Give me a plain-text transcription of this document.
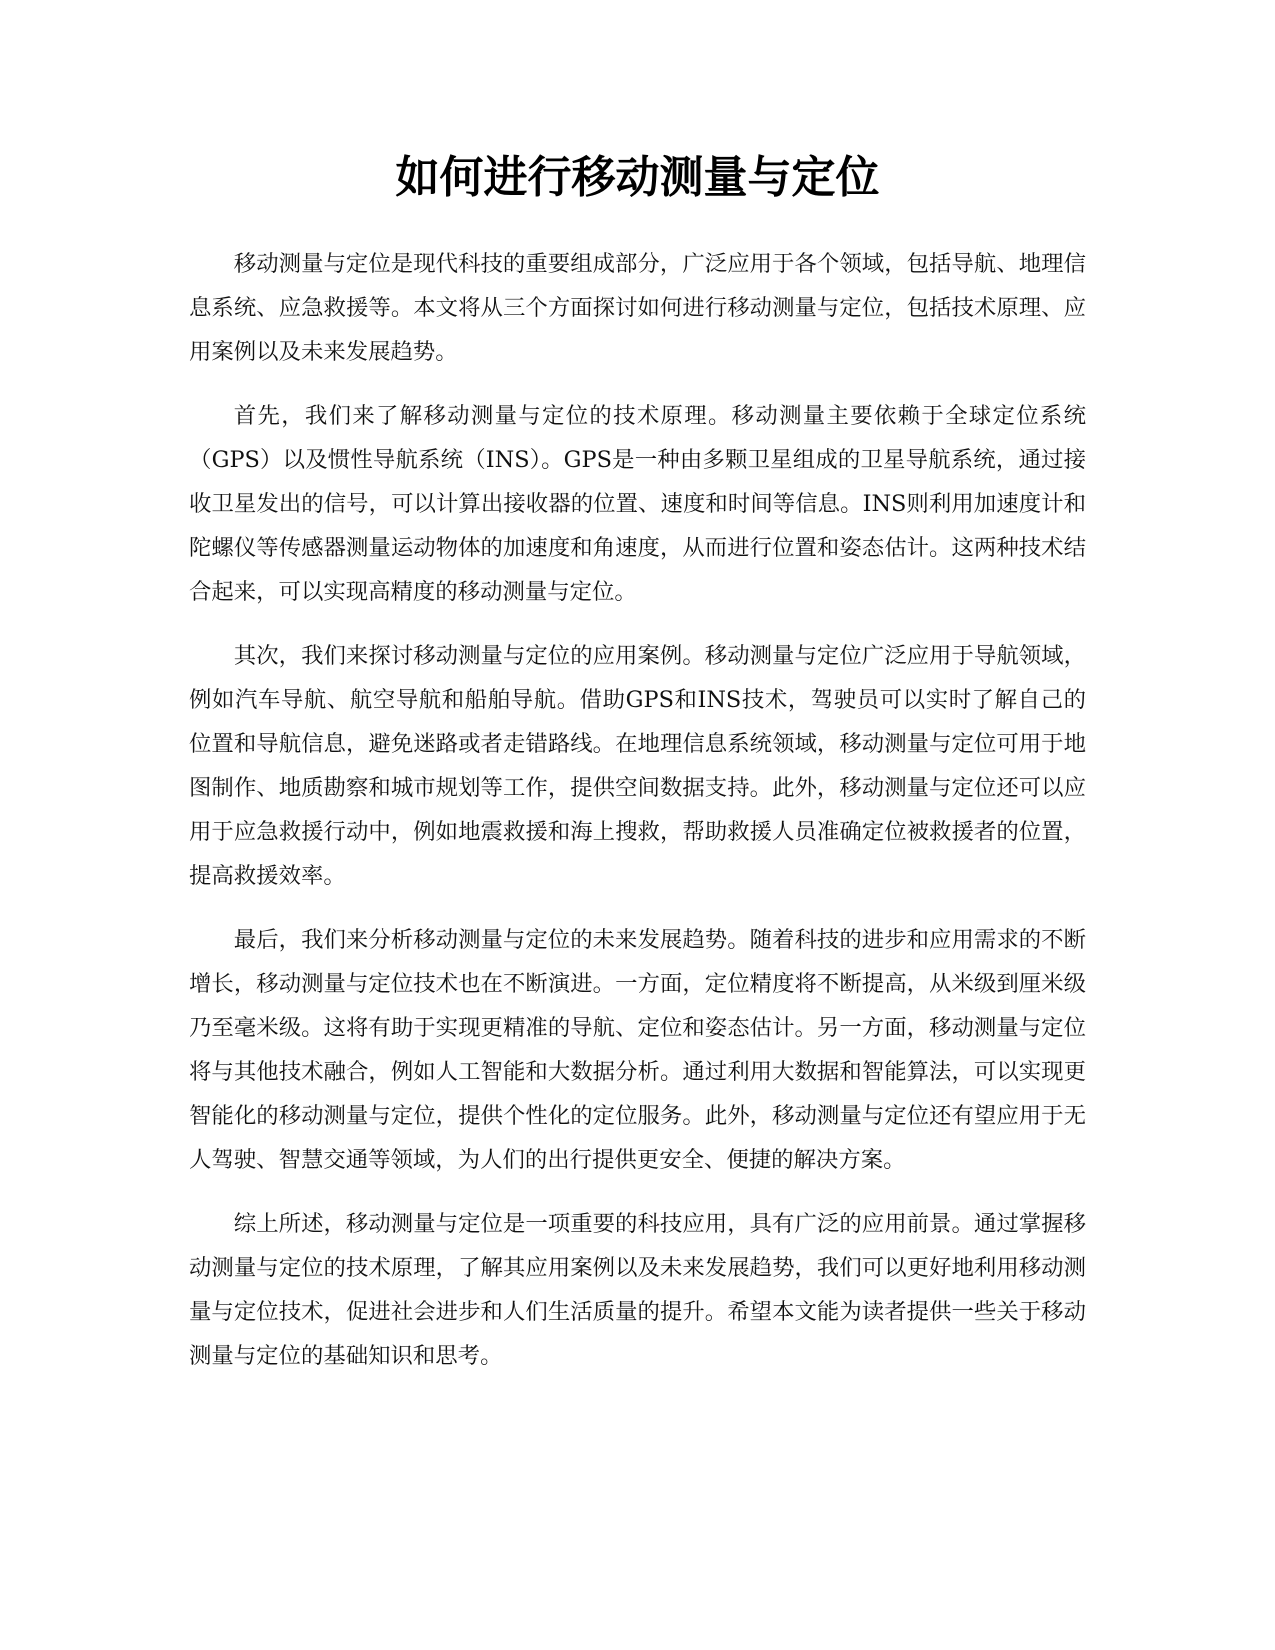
如何进行移动测量与定位

移动测量与定位是现代科技的重要组成部分，广泛应用于各个领域，包括导航、地理信息系统、应急救援等。本文将从三个方面探讨如何进行移动测量与定位，包括技术原理、应用案例以及未来发展趋势。

首先，我们来了解移动测量与定位的技术原理。移动测量主要依赖于全球定位系统（GPS）以及惯性导航系统（INS）。GPS是一种由多颗卫星组成的卫星导航系统，通过接收卫星发出的信号，可以计算出接收器的位置、速度和时间等信息。INS则利用加速度计和陀螺仪等传感器测量运动物体的加速度和角速度，从而进行位置和姿态估计。这两种技术结合起来，可以实现高精度的移动测量与定位。

其次，我们来探讨移动测量与定位的应用案例。移动测量与定位广泛应用于导航领域，例如汽车导航、航空导航和船舶导航。借助GPS和INS技术，驾驶员可以实时了解自己的位置和导航信息，避免迷路或者走错路线。在地理信息系统领域，移动测量与定位可用于地图制作、地质勘察和城市规划等工作，提供空间数据支持。此外，移动测量与定位还可以应用于应急救援行动中，例如地震救援和海上搜救，帮助救援人员准确定位被救援者的位置，提高救援效率。

最后，我们来分析移动测量与定位的未来发展趋势。随着科技的进步和应用需求的不断增长，移动测量与定位技术也在不断演进。一方面，定位精度将不断提高，从米级到厘米级乃至毫米级。这将有助于实现更精准的导航、定位和姿态估计。另一方面，移动测量与定位将与其他技术融合，例如人工智能和大数据分析。通过利用大数据和智能算法，可以实现更智能化的移动测量与定位，提供个性化的定位服务。此外，移动测量与定位还有望应用于无人驾驶、智慧交通等领域，为人们的出行提供更安全、便捷的解决方案。

综上所述，移动测量与定位是一项重要的科技应用，具有广泛的应用前景。通过掌握移动测量与定位的技术原理，了解其应用案例以及未来发展趋势，我们可以更好地利用移动测量与定位技术，促进社会进步和人们生活质量的提升。希望本文能为读者提供一些关于移动测量与定位的基础知识和思考。
